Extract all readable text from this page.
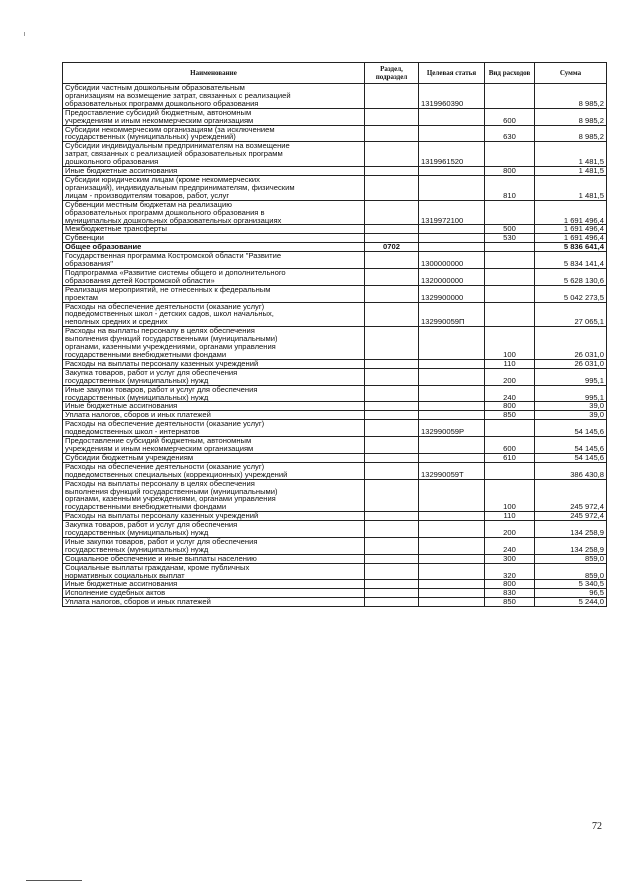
Наименование	Раздел, подраздел	Целевая статья	Вид расходов	Сумма

Субсидии частным дошкольным образовательным
организациям на возмещение затрат, связанных с реализацией
образовательных программ дошкольного образования		1319960390		8 985,2

Предоставление субсидий бюджетным, автономным
учреждениям и иным некоммерческим организациям			600	8 985,2

Субсидии некоммерческим организациям (за исключением
государственных (муниципальных) учреждений)			630	8 985,2

Субсидии индивидуальным предпринимателям на возмещение
затрат, связанных с реализацией образовательных программ
дошкольного образования		1319961520		1 481,5

Иные бюджетные ассигнования			800	1 481,5

Субсидии юридическим лицам (кроме некоммерческих
организаций), индивидуальным предпринимателям, физическим
лицам - производителям товаров, работ, услуг			810	1 481,5

Субвенции местным бюджетам на реализацию
образовательных программ дошкольного образования в
муниципальных дошкольных образовательных организациях		1319972100		1 691 496,4

Межбюджетные трансферты			500	1 691 496,4

Субвенции			530	1 691 496,4

Общее образование	0702			5 836 641,4

Государственная программа Костромской области "Развитие
образования"		1300000000		5 834 141,4

Подпрограмма «Развитие системы общего и дополнительного
образования детей Костромской области»		1320000000		5 628 130,6

Реализация мероприятий, не отнесенных к федеральным
проектам		1329900000		5 042 273,5

Расходы на обеспечение деятельности (оказание услуг)
подведомственных школ - детских садов, школ начальных,
неполных средних и средних		132990059П		27 065,1

Расходы на выплаты персоналу в целях обеспечения
выполнения функций государственными (муниципальными)
органами, казенными учреждениями, органами управления
государственными внебюджетными фондами			100	26 031,0

Расходы на выплаты персоналу казенных учреждений			110	26 031,0

Закупка товаров, работ и услуг для обеспечения
государственных (муниципальных) нужд			200	995,1

Иные закупки товаров, работ и услуг для обеспечения
государственных (муниципальных) нужд			240	995,1

Иные бюджетные ассигнования			800	39,0

Уплата налогов, сборов и иных платежей			850	39,0

Расходы на обеспечение деятельности (оказание услуг)
подведомственных школ - интернатов		132990059Р		54 145,6

Предоставление субсидий бюджетным, автономным
учреждениям и иным некоммерческим организациям			600	54 145,6

Субсидии бюджетным учреждениям			610	54 145,6

Расходы на обеспечение деятельности (оказание услуг)
подведомственных специальных (коррекционных) учреждений		132990059Т		386 430,8

Расходы на выплаты персоналу в целях обеспечения
выполнения функций государственными (муниципальными)
органами, казенными учреждениями, органами управления
государственными внебюджетными фондами			100	245 972,4

Расходы на выплаты персоналу казенных учреждений			110	245 972,4

Закупка товаров, работ и услуг для обеспечения
государственных (муниципальных) нужд			200	134 258,9

Иные закупки товаров, работ и услуг для обеспечения
государственных (муниципальных) нужд			240	134 258,9

Социальное обеспечение и иные выплаты населению			300	859,0

Социальные выплаты гражданам, кроме публичных
нормативных социальных выплат			320	859,0

Иные бюджетные ассигнования			800	5 340,5

Исполнение судебных актов			830	96,5

Уплата налогов, сборов и иных платежей			850	5 244,0
72
